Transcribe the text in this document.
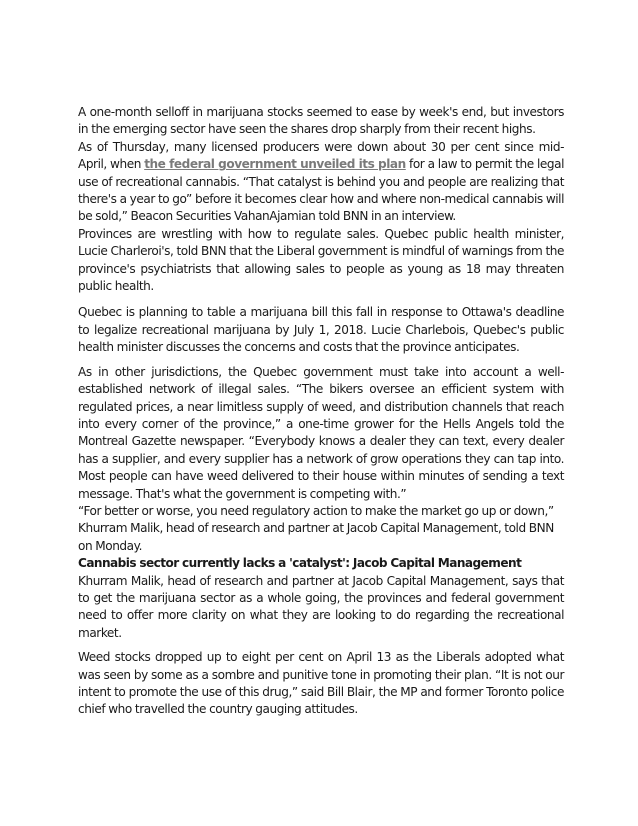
A one-month selloff in marijuana stocks seemed to ease by week's end, but investors in the emerging sector have seen the shares drop sharply from their recent highs.

As of Thursday, many licensed producers were down about 30 per cent since mid-April, when the federal government unveiled its plan for a law to permit the legal use of recreational cannabis. “That catalyst is behind you and people are realizing that there's a year to go” before it becomes clear how and where non-medical cannabis will be sold,” Beacon Securities VahanAjamian told BNN in an interview.

Provinces are wrestling with how to regulate sales. Quebec public health minister, Lucie Charleroi's, told BNN that the Liberal government is mindful of warnings from the province's psychiatrists that allowing sales to people as young as 18 may threaten public health.

Quebec is planning to table a marijuana bill this fall in response to Ottawa's deadline to legalize recreational marijuana by July 1, 2018. Lucie Charlebois, Quebec's public health minister discusses the concerns and costs that the province anticipates.

As in other jurisdictions, the Quebec government must take into account a well-established network of illegal sales. “The bikers oversee an efficient system with regulated prices, a near limitless supply of weed, and distribution channels that reach into every corner of the province,” a one-time grower for the Hells Angels told the Montreal Gazette newspaper. “Everybody knows a dealer they can text, every dealer has a supplier, and every supplier has a network of grow operations they can tap into. Most people can have weed delivered to their house within minutes of sending a text message. That's what the government is competing with.”

“For better or worse, you need regulatory action to make the market go up or down,” Khurram Malik, head of research and partner at Jacob Capital Management, told BNN on Monday.

Cannabis sector currently lacks a 'catalyst': Jacob Capital Management

Khurram Malik, head of research and partner at Jacob Capital Management, says that to get the marijuana sector as a whole going, the provinces and federal government need to offer more clarity on what they are looking to do regarding the recreational market.

Weed stocks dropped up to eight per cent on April 13 as the Liberals adopted what was seen by some as a sombre and punitive tone in promoting their plan. “It is not our intent to promote the use of this drug,” said Bill Blair, the MP and former Toronto police chief who travelled the country gauging attitudes.
